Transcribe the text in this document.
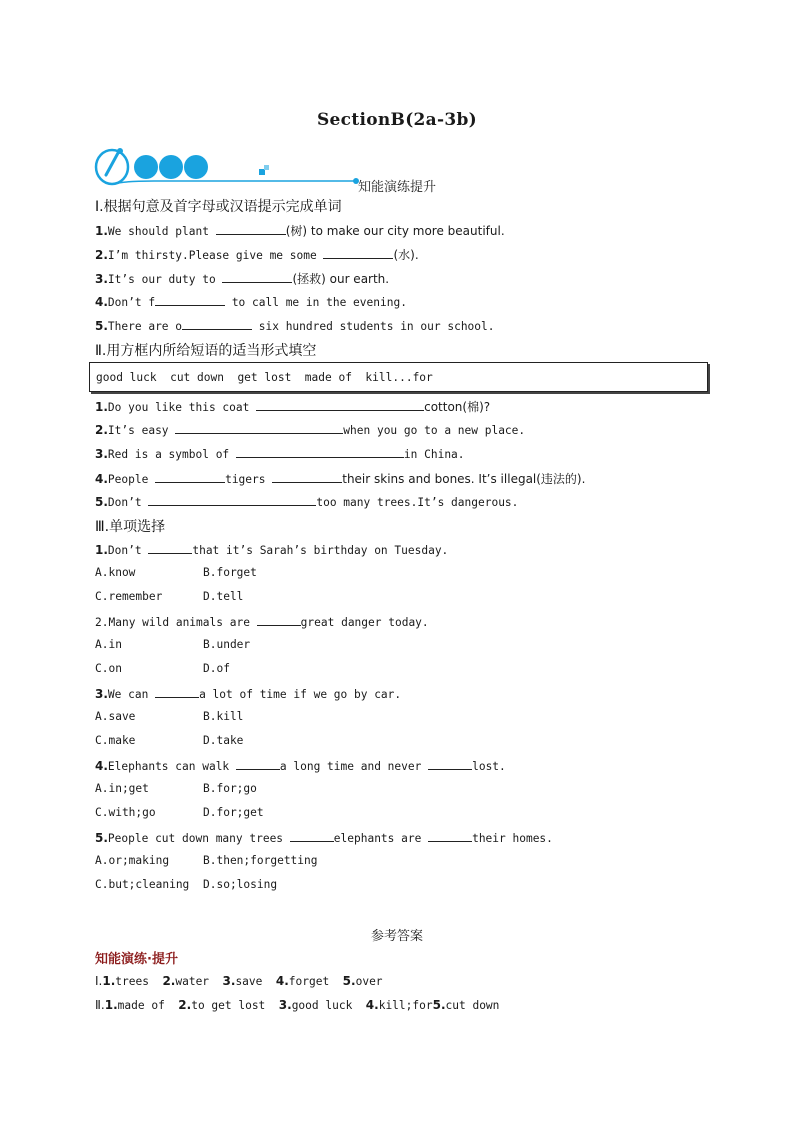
SectionB(2a-3b)
知能演练提升
Ⅰ.根据句意及首字母或汉语提示完成单词
1.We should plant	(树) to make our city more beautiful.
2.I’m thirsty.Please give me some	(水).
3.It’s our duty to	(拯救) our earth.
4.Don’t f	to call me in the evening.
5.There are o	six hundred students in our school.
Ⅱ.用方框内所给短语的适当形式填空
good luck  cut down  get lost  made of  kill...for
1.Do you like this coat	cotton(棉)?
2.It’s easy	when you go to a new place.
3.Red is a symbol of	in China.
4.People	tigers	their skins and bones. It’s illegal(违法的).
5.Don’t	too many trees.It’s dangerous.
Ⅲ.单项选择
1.Don’t	that it’s Sarah’s birthday on Tuesday.
A.know	B.forget
C.remember	D.tell
2.Many wild animals are	great danger today.
A.in	B.under
C.on	D.of
3.We can	a lot of time if we go by car.
A.save	B.kill
C.make	D.take
4.Elephants can walk	a long time and never	lost.
A.in;get	B.for;go
C.with;go	D.for;get
5.People cut down many trees	elephants are	their homes.
A.or;making	B.then;forgetting
C.but;cleaning D.so;losing
参考答案
知能演练·提升
Ⅰ.1.trees  2.water  3.save  4.forget  5.over
Ⅱ.1.made of  2.to get lost  3.good luck  4.kill;for5.cut down
